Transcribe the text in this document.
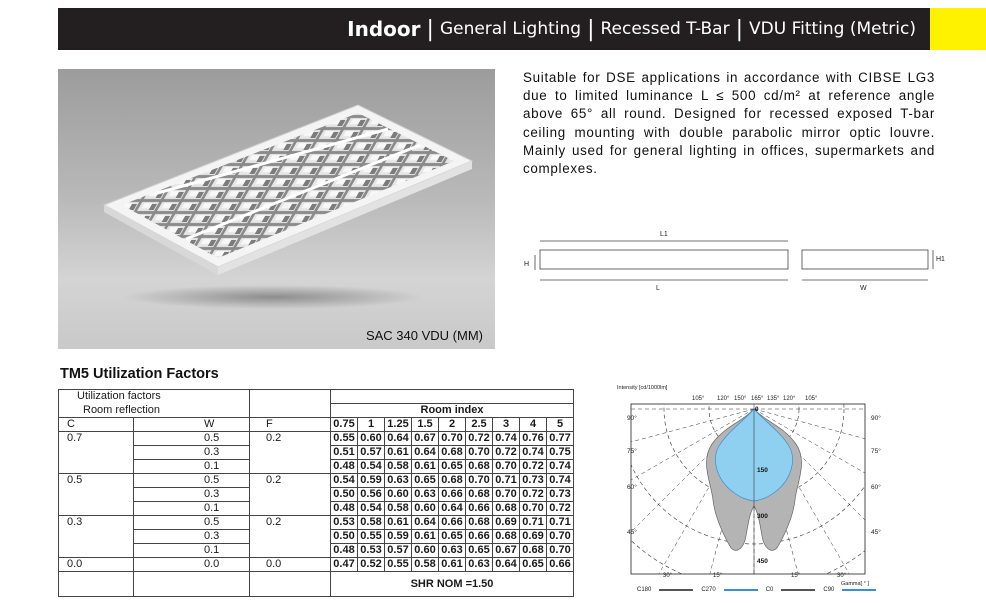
Indoor | General Lighting | Recessed T-Bar | VDU Fitting (Metric)
SAC 340 VDU (MM)
Suitable for DSE applications in accordance with CIBSE LG3 due to limited luminance L ≤ 500 cd/m² at reference angle above 65° all round. Designed for recessed exposed T-bar ceiling mounting with double parabolic mirror optic louvre. Mainly used for general lighting in offices, supermarkets and complexes.
L1
H
H1
L	W
TM5 Utilization Factors
Utilization factors											
Room reflection			Room index								
C	W	F	0.75	1	1.25	1.5	2	2.5	3	4	5
0.7	0.5	0.2	0.55	0.60	0.64	0.67	0.70	0.72	0.74	0.76	0.77
	0.3		0.51	0.57	0.61	0.64	0.68	0.70	0.72	0.74	0.75
	0.1		0.48	0.54	0.58	0.61	0.65	0.68	0.70	0.72	0.74
0.5	0.5	0.2	0.54	0.59	0.63	0.65	0.68	0.70	0.71	0.73	0.74
	0.3		0.50	0.56	0.60	0.63	0.66	0.68	0.70	0.72	0.73
	0.1		0.48	0.54	0.58	0.60	0.64	0.66	0.68	0.70	0.72
0.3	0.5	0.2	0.53	0.58	0.61	0.64	0.66	0.68	0.69	0.71	0.71
	0.3		0.50	0.55	0.59	0.61	0.65	0.66	0.68	0.69	0.70
	0.1		0.48	0.53	0.57	0.60	0.63	0.65	0.67	0.68	0.70
0.0	0.0	0.0	0.47	0.52	0.55	0.58	0.61	0.63	0.64	0.65	0.66
			SHR NOM =1.50								
Intensity [cd/1000lm]
105° 120° 150° 165° 135° 120° 105°
90°
75°
60°
45°
90°
75°
60°
45°
30°	15°	15°	30°
Gamma[ ° ]
0
150
300
450
C180	C270	C0	C90
